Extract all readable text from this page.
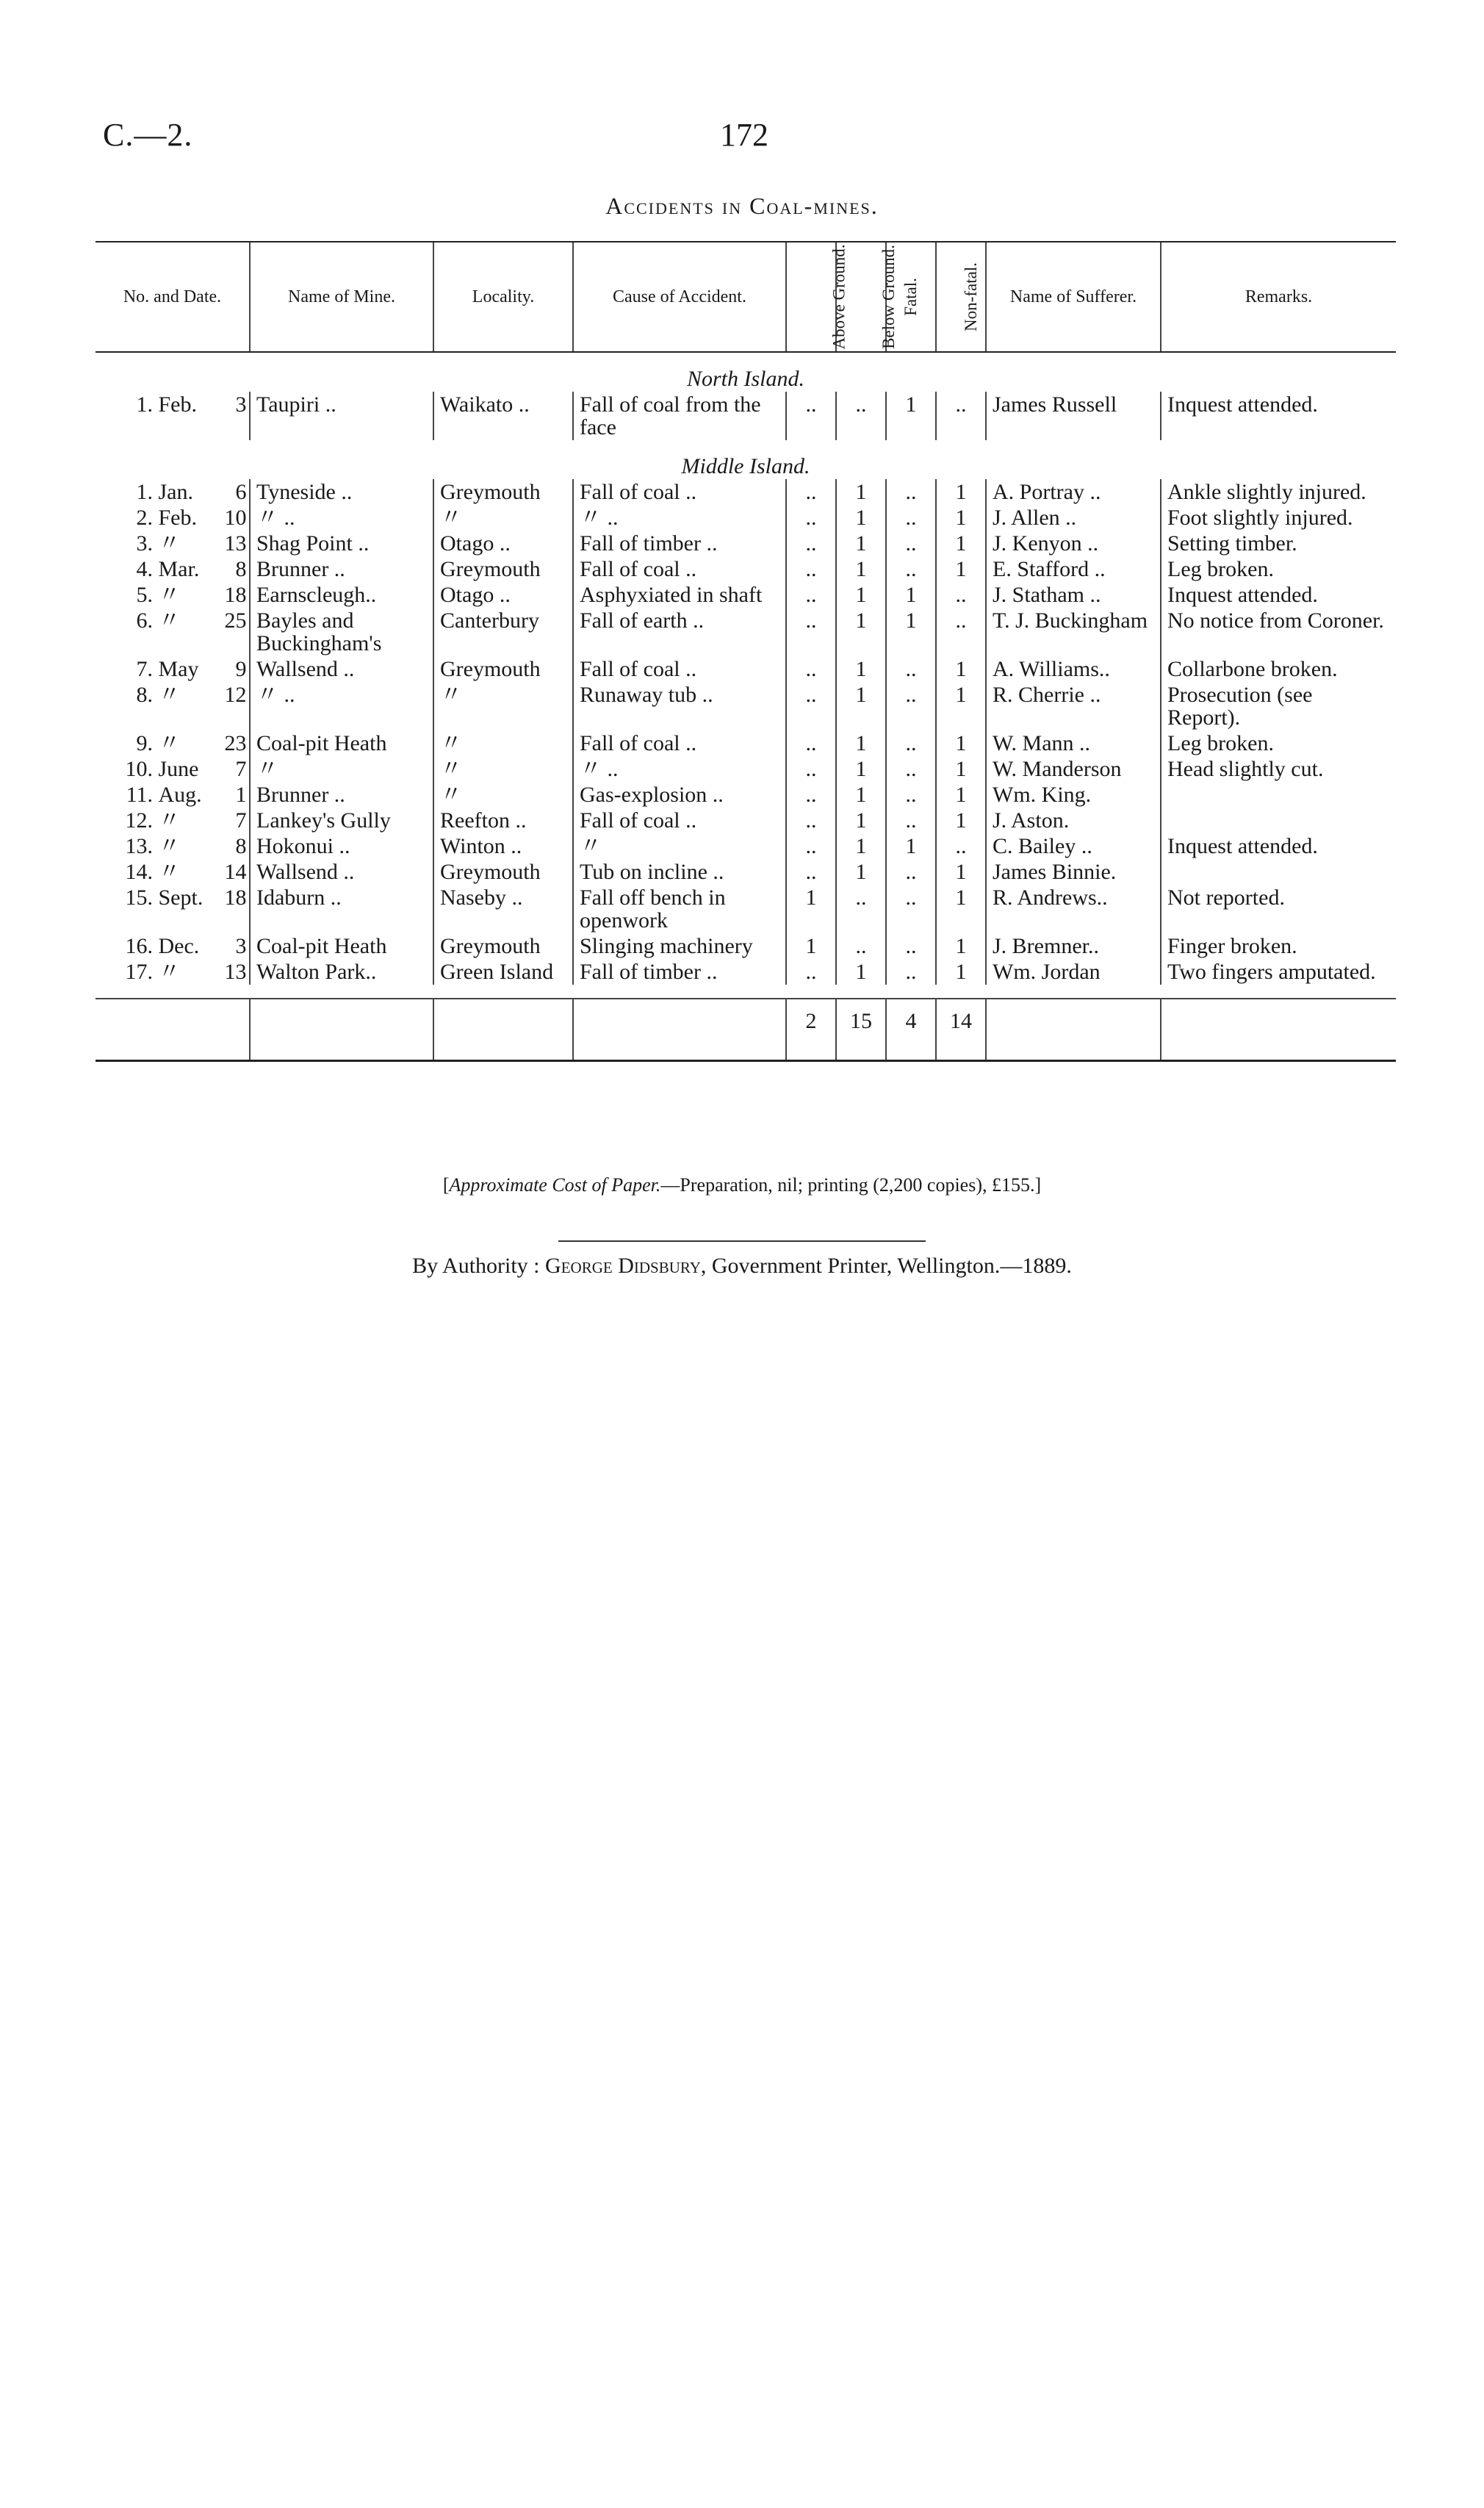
C.—2.	172
Accidents in Coal-mines.
No. and Date.	Name of Mine.	Locality.	Cause of Accident.	Above Ground.	Below Ground.	Fatal.	Non-fatal.	Name of Sufferer.	Remarks.
North Island.									
1. Feb. 3	Taupiri ..	Waikato ..	Fall of coal from the face	..	..	1	..	James Russell	Inquest attended.
Middle Island.									
1. Jan. 6	Tyneside ..	Greymouth	Fall of coal ..	..	1	..	1	A. Portray ..	Ankle slightly injured.
2. Feb. 10	〃 ..	〃	〃 ..	..	1	..	1	J. Allen ..	Foot slightly injured.
3. 〃 13	Shag Point ..	Otago ..	Fall of timber ..	..	1	..	1	J. Kenyon ..	Setting timber.
4. Mar. 8	Brunner ..	Greymouth	Fall of coal ..	..	1	..	1	E. Stafford ..	Leg broken.
5. 〃 18	Earnscleugh..	Otago ..	Asphyxiated in shaft	..	1	1	..	J. Statham ..	Inquest attended.
6. 〃 25	Bayles and Buckingham's	Canterbury	Fall of earth ..	..	1	1	..	T. J. Buckingham	No notice from Coroner.
7. May 9	Wallsend ..	Greymouth	Fall of coal ..	..	1	..	1	A. Williams..	Collarbone broken.
8. 〃 12	〃 ..	〃	Runaway tub ..	..	1	..	1	R. Cherrie ..	Prosecution (see Report).
9. 〃 23	Coal-pit Heath	〃	Fall of coal ..	..	1	..	1	W. Mann ..	Leg broken.
10. June 7	〃	〃	〃 ..	..	1	..	1	W. Manderson	Head slightly cut.
11. Aug. 1	Brunner ..	〃	Gas-explosion ..	..	1	..	1	Wm. King.	
12. 〃 7	Lankey's Gully	Reefton ..	Fall of coal ..	..	1	..	1	J. Aston.	
13. 〃 8	Hokonui ..	Winton ..	〃	..	1	1	..	C. Bailey ..	Inquest attended.
14. 〃 14	Wallsend ..	Greymouth	Tub on incline ..	..	1	..	1	James Binnie.	
15. Sept. 18	Idaburn ..	Naseby ..	Fall off bench in openwork	1	..	..	1	R. Andrews..	Not reported.
16. Dec. 3	Coal-pit Heath	Greymouth	Slinging machinery	1	..	..	1	J. Bremner..	Finger broken.
17. 〃 13	Walton Park..	Green Island	Fall of timber ..	..	1	..	1	Wm. Jordan	Two fingers amputated.

				2	15	4	14		

[Approximate Cost of Paper.—Preparation, nil; printing (2,200 copies), £155.]
By Authority : George Didsbury, Government Printer, Wellington.—1889.
